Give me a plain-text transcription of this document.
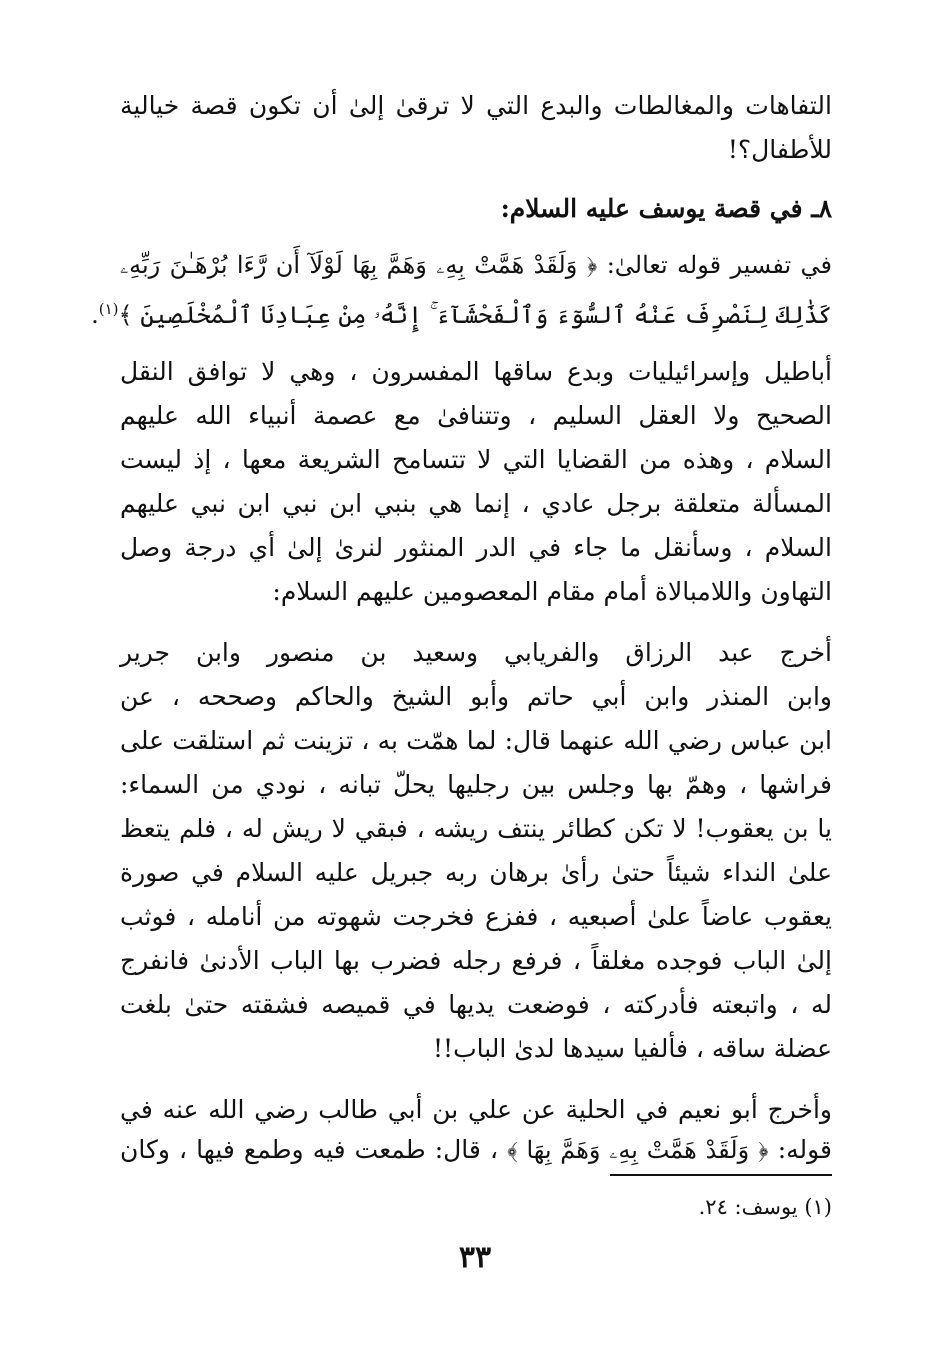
التفاهات والمغالطات والبدع التي لا ترقىٰ إلىٰ أن تكون قصة خيالية
للأطفال؟!
٨ـ في قصة يوسف عليه السلام:
في تفسير قوله تعالىٰ: ﴿ وَلَقَدْ هَمَّتْ بِهِۦ وَهَمَّ بِهَا لَوْلَآ أَن رَّءَا بُرْهَـٰنَ رَبِّهِۦ
كَذَٰلِكَ لِنَصْرِفَ عَنْهُ ٱلسُّوٓءَ وَٱلْفَحْشَآءَ ۚ إِنَّهُۥ مِنْ عِبَادِنَا ٱلْمُخْلَصِينَ ﴾$^{(١)}$.
أباطيل وإسرائيليات وبدع ساقها المفسرون ، وهي لا توافق النقل
الصحيح ولا العقل السليم ، وتتنافىٰ مع عصمة أنبياء الله عليهم
السلام ، وهذه من القضايا التي لا تتسامح الشريعة معها ، إذ ليست
المسألة متعلقة برجل عادي ، إنما هي بنبي ابن نبي ابن نبي عليهم
السلام ، وسأنقل ما جاء في الدر المنثور لنرىٰ إلىٰ أي درجة وصل
التهاون واللامبالاة أمام مقام المعصومين عليهم السلام:
أخرج عبد الرزاق والفريابي وسعيد بن منصور وابن جرير
وابن المنذر وابن أبي حاتم وأبو الشيخ والحاكم وصححه ، عن
ابن عباس رضي الله عنهما قال: لما همّت به ، تزينت ثم استلقت على
فراشها ، وهمّ بها وجلس بين رجليها يحلّ تبانه ، نودي من السماء:
يا بن يعقوب! لا تكن كطائر ينتف ريشه ، فبقي لا ريش له ، فلم يتعظ
علىٰ النداء شيئاً حتىٰ رأىٰ برهان ربه جبريل عليه السلام في صورة
يعقوب عاضاً علىٰ أصبعيه ، ففزع فخرجت شهوته من أنامله ، فوثب
إلىٰ الباب فوجده مغلقاً ، فرفع رجله فضرب بها الباب الأدنىٰ فانفرج
له ، واتبعته فأدركته ، فوضعت يديها في قميصه فشقته حتىٰ بلغت
عضلة ساقه ، فألفيا سيدها لدىٰ الباب!!
وأخرج أبو نعيم في الحلية عن علي بن أبي طالب رضي الله عنه في
قوله: ﴿ وَلَقَدْ هَمَّتْ بِهِۦ وَهَمَّ بِهَا ﴾ ، قال: طمعت فيه وطمع فيها ، وكان
(١) يوسف: ٢٤.
٣٣
